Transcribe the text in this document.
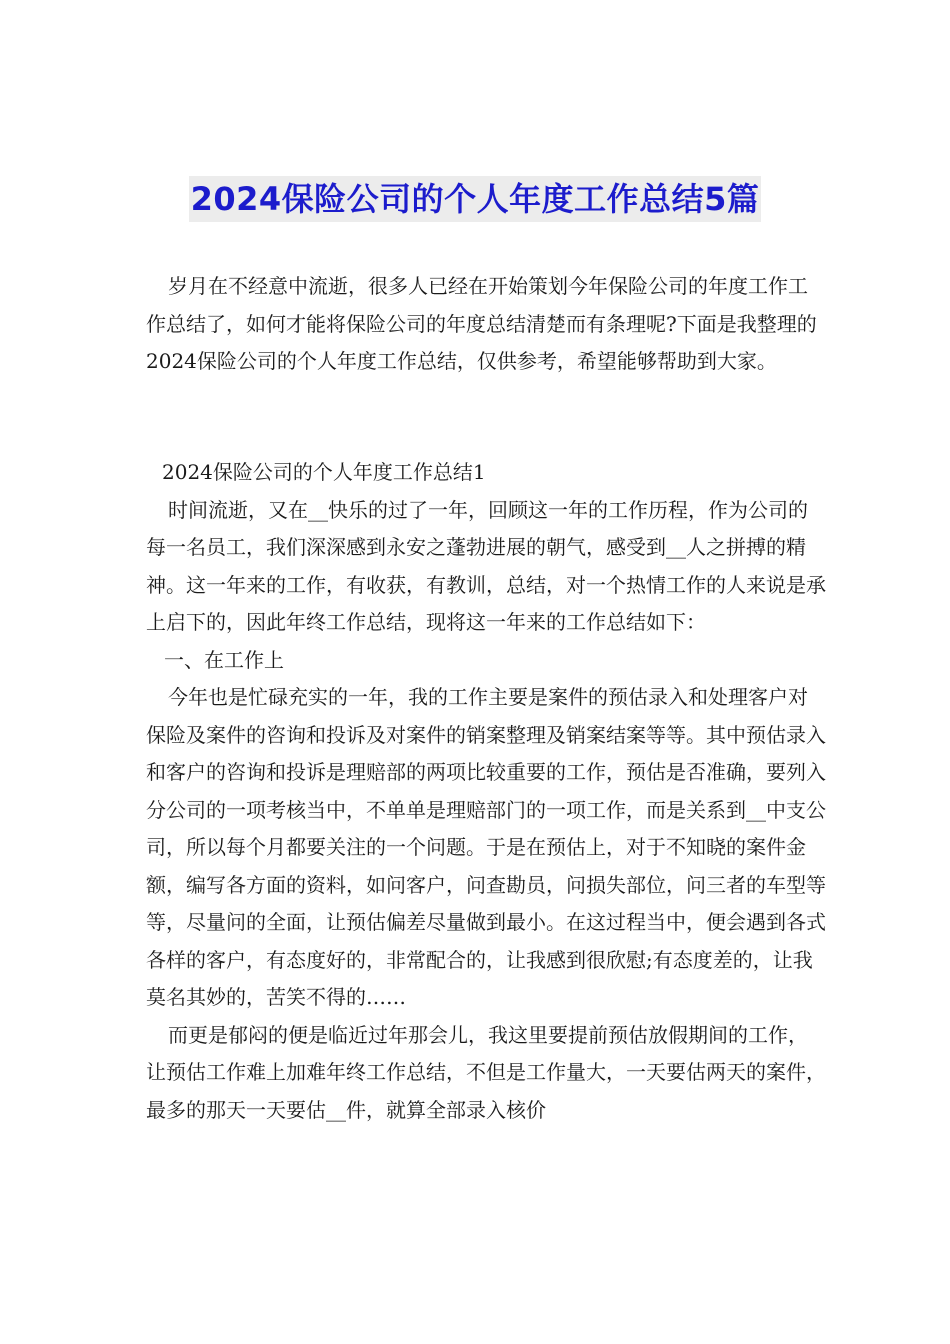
2024保险公司的个人年度工作总结5篇

岁月在不经意中流逝，很多人已经在开始策划今年保险公司的年度工作工作总结了，如何才能将保险公司的年度总结清楚而有条理呢?下面是我整理的2024保险公司的个人年度工作总结，仅供参考，希望能够帮助到大家。

2024保险公司的个人年度工作总结1

时间流逝，又在__快乐的过了一年，回顾这一年的工作历程，作为公司的每一名员工，我们深深感到永安之蓬勃进展的朝气，感受到__人之拼搏的精神。这一年来的工作，有收获，有教训，总结，对一个热情工作的人来说是承上启下的，因此年终工作总结，现将这一年来的工作总结如下：

一、在工作上

今年也是忙碌充实的一年，我的工作主要是案件的预估录入和处理客户对保险及案件的咨询和投诉及对案件的销案整理及销案结案等等。其中预估录入和客户的咨询和投诉是理赔部的两项比较重要的工作，预估是否准确，要列入分公司的一项考核当中，不单单是理赔部门的一项工作，而是关系到__中支公司，所以每个月都要关注的一个问题。于是在预估上，对于不知晓的案件金额，编写各方面的资料，如问客户，问查勘员，问损失部位，问三者的车型等等，尽量问的全面，让预估偏差尽量做到最小。在这过程当中，便会遇到各式各样的客户，有态度好的，非常配合的，让我感到很欣慰;有态度差的，让我莫名其妙的，苦笑不得的……

而更是郁闷的便是临近过年那会儿，我这里要提前预估放假期间的工作，让预估工作难上加难年终工作总结，不但是工作量大，一天要估两天的案件，最多的那天一天要估__件，就算全部录入核价
